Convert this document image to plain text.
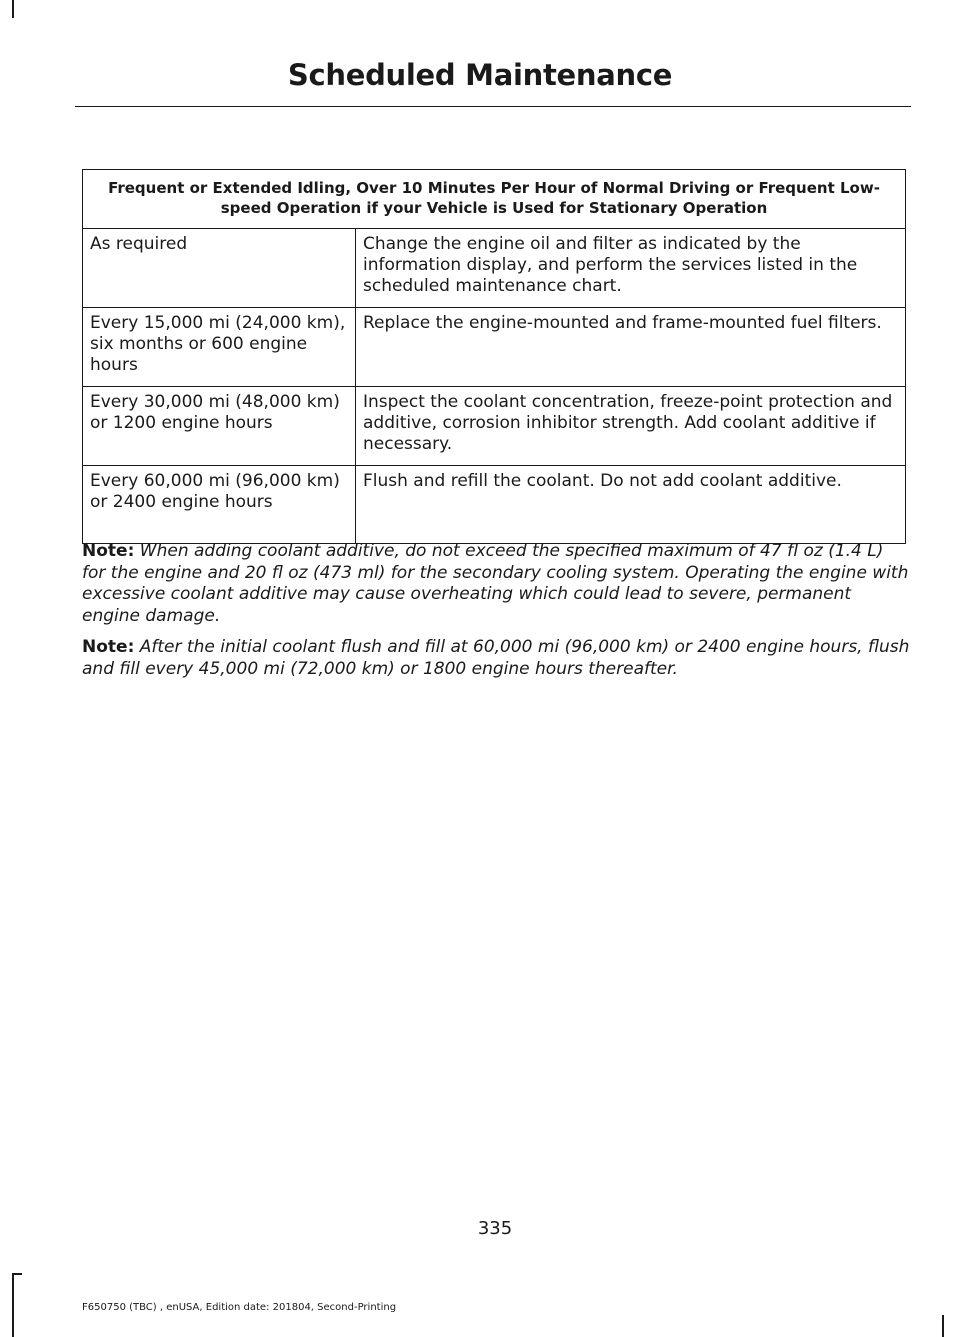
Scheduled Maintenance
Frequent or Extended Idling, Over 10 Minutes Per Hour of Normal Driving or Frequent Low-speed Operation if your Vehicle is Used for Stationary Operation	
As required	Change the engine oil and filter as indicated by the information display, and perform the services listed in the scheduled maintenance chart.
Every 15,000 mi (24,000 km), six months or 600 engine hours	Replace the engine-mounted and frame-mounted fuel filters.
Every 30,000 mi (48,000 km) or 1200 engine hours	Inspect the coolant concentration, freeze-point protection and additive, corrosion inhibitor strength. Add coolant additive if necessary.
Every 60,000 mi (96,000 km) or 2400 engine hours	Flush and refill the coolant. Do not add coolant additive.
Note: When adding coolant additive, do not exceed the specified maximum of 47 fl oz (1.4 L) for the engine and 20 fl oz (473 ml) for the secondary cooling system. Operating the engine with excessive coolant additive may cause overheating which could lead to severe, permanent engine damage.
Note: After the initial coolant flush and fill at 60,000 mi (96,000 km) or 2400 engine hours, flush and fill every 45,000 mi (72,000 km) or 1800 engine hours thereafter.
335
F650750 (TBC) , enUSA, Edition date: 201804, Second-Printing
